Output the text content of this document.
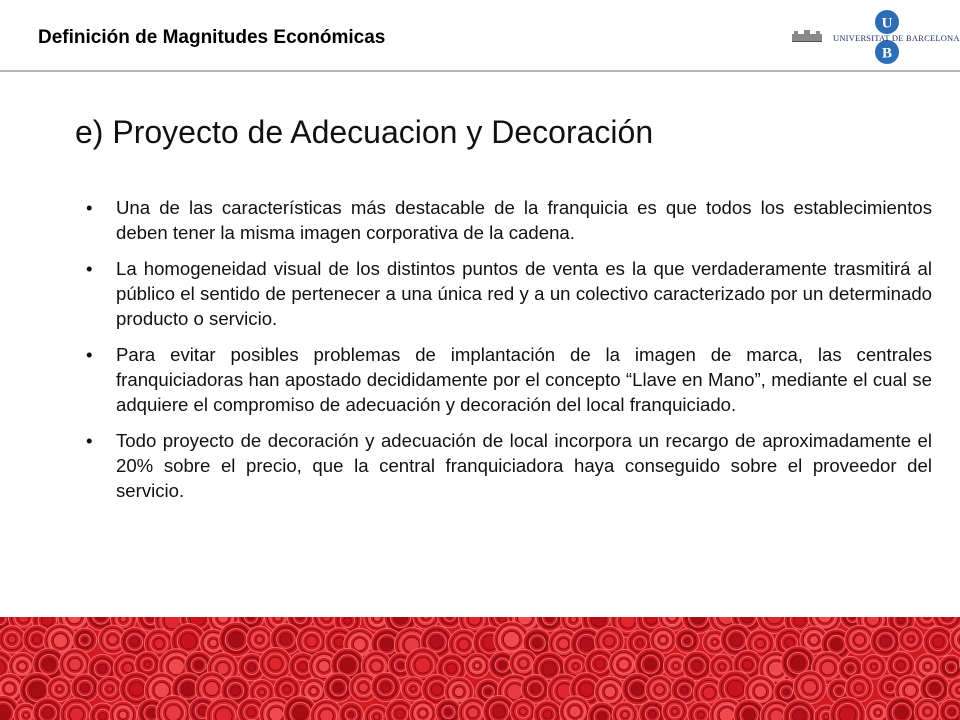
Definición de Magnitudes Económicas
U
B
UNIVERSITAT DE BARCELONA
e) Proyecto de Adecuacion y Decoración
• Una de las características más destacable de la franquicia es que todos los establecimientos deben tener la misma imagen corporativa de la cadena.
• La homogeneidad visual de los distintos puntos de venta es la que verdaderamente trasmitirá al público el sentido de pertenecer a una única red y a un colectivo caracterizado por un determinado producto o servicio.
• Para evitar posibles problemas de implantación de la imagen de marca, las centrales franquiciadoras han apostado decididamente por el concepto “Llave en Mano”, mediante el cual se adquiere el compromiso de adecuación y decoración del local franquiciado.
• Todo proyecto de decoración y adecuación de local incorpora un recargo de aproximadamente el 20% sobre el precio, que la central franquiciadora haya conseguido sobre el proveedor del servicio.
